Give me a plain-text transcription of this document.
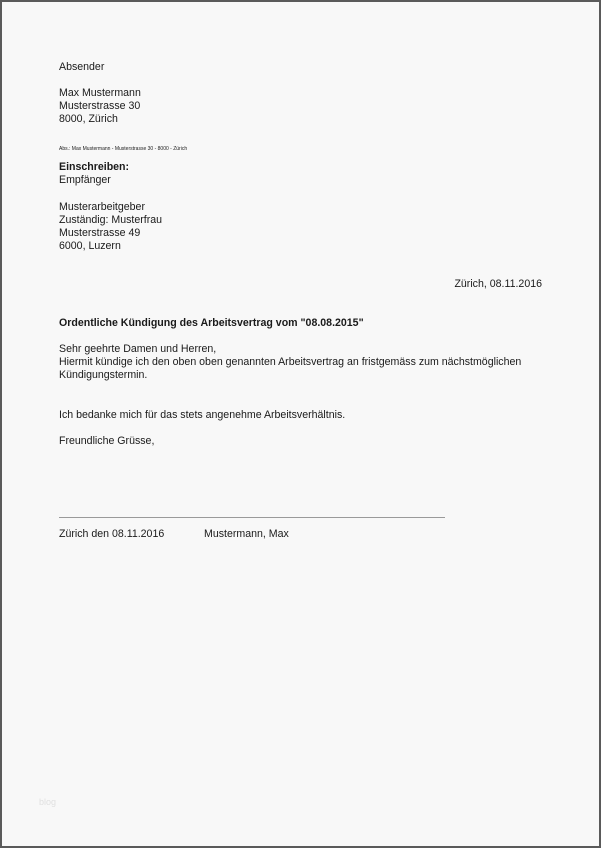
Absender
Max Mustermann
Musterstrasse 30
8000, Zürich
Abs.: Max Mustermann - Musterstrasse 30 - 8000 - Zürich
Einschreiben:
Empfänger
Musterarbeitgeber
Zuständig: Musterfrau
Musterstrasse 49
6000, Luzern
Zürich, 08.11.2016
Ordentliche Kündigung des Arbeitsvertrag vom "08.08.2015"
Sehr geehrte Damen und Herren,
Hiermit kündige ich den oben oben genannten Arbeitsvertrag an fristgemäss zum nächstmöglichen
Kündigungstermin.
Ich bedanke mich für das stets angenehme Arbeitsverhältnis.
Freundliche Grüsse,
Zürich den 08.11.2016	Mustermann, Max
blog
